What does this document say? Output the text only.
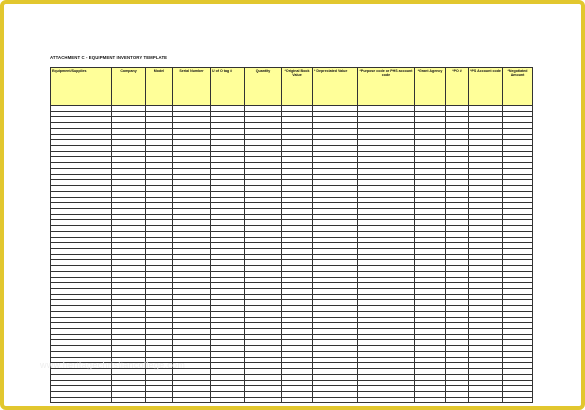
ATTACHMENT C - EQUIPMENT INVENTORY TEMPLATE
Equipment/Supplies	Company	Model	Serial Number	U of O tag #	Quantity	*Original Book Value	* Depreciated Value	*Purpose code or PHS account code	*Grant Agency	*PO #	*PS Account code	*Negotiated Amount

www.heritagechristiancollege.com
